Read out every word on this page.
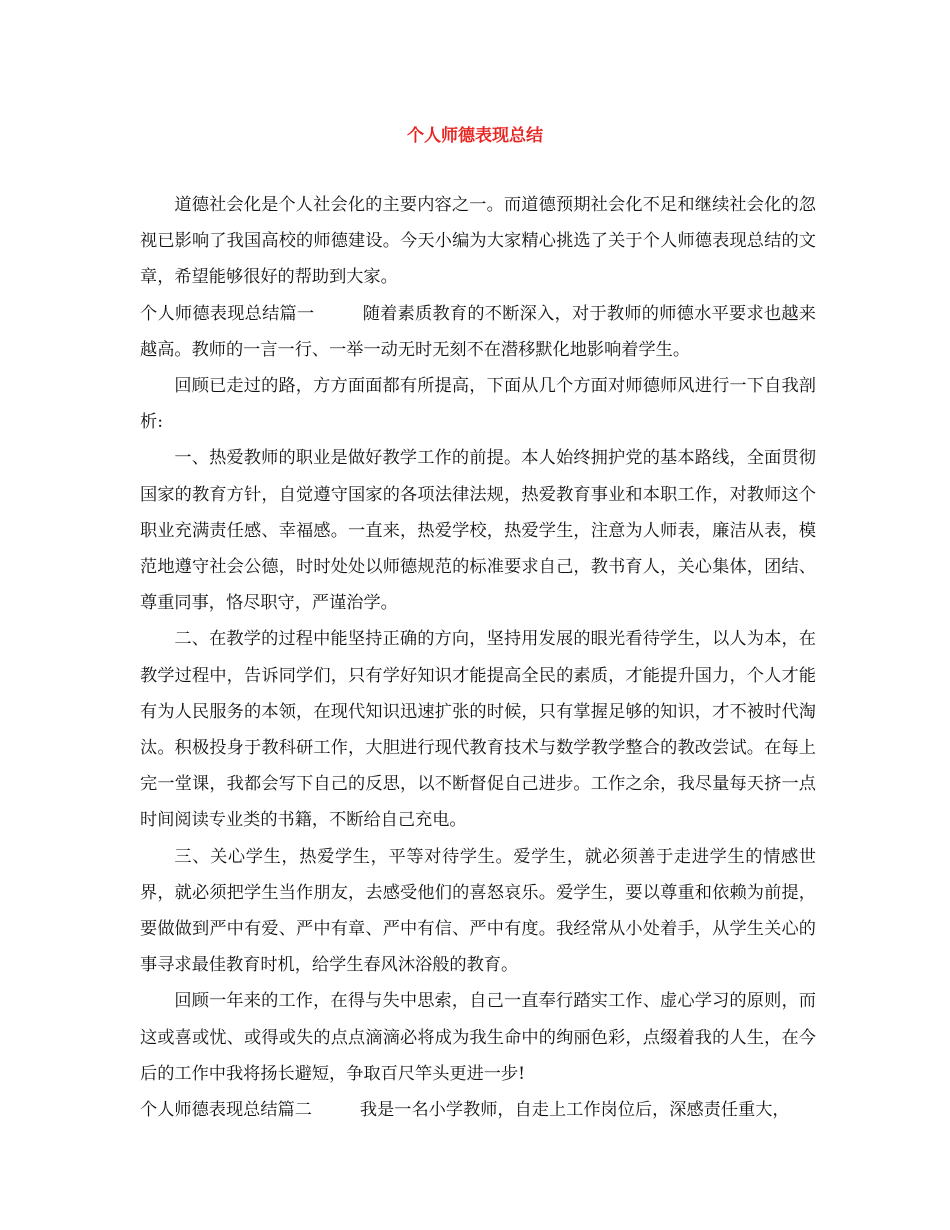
个人师德表现总结

道德社会化是个人社会化的主要内容之一。而道德预期社会化不足和继续社会化的忽视已影响了我国高校的师德建设。今天小编为大家精心挑选了关于个人师德表现总结的文章，希望能够很好的帮助到大家。

个人师德表现总结篇一	随着素质教育的不断深入，对于教师的师德水平要求也越来越高。教师的一言一行、一举一动无时无刻不在潜移默化地影响着学生。

回顾已走过的路，方方面面都有所提高，下面从几个方面对师德师风进行一下自我剖析:

一、热爱教师的职业是做好教学工作的前提。本人始终拥护党的基本路线，全面贯彻国家的教育方针，自觉遵守国家的各项法律法规，热爱教育事业和本职工作，对教师这个职业充满责任感、幸福感。一直来，热爱学校，热爱学生，注意为人师表，廉洁从表，模范地遵守社会公德，时时处处以师德规范的标准要求自己，教书育人，关心集体，团结、尊重同事，恪尽职守，严谨治学。

二、在教学的过程中能坚持正确的方向，坚持用发展的眼光看待学生，以人为本，在教学过程中，告诉同学们，只有学好知识才能提高全民的素质，才能提升国力，个人才能有为人民服务的本领，在现代知识迅速扩张的时候，只有掌握足够的知识，才不被时代淘汰。积极投身于教科研工作，大胆进行现代教育技术与数学教学整合的教改尝试。在每上完一堂课，我都会写下自己的反思，以不断督促自己进步。工作之余，我尽量每天挤一点时间阅读专业类的书籍，不断给自己充电。

三、关心学生，热爱学生，平等对待学生。爱学生，就必须善于走进学生的情感世界，就必须把学生当作朋友，去感受他们的喜怒哀乐。爱学生，要以尊重和依赖为前提，要做做到严中有爱、严中有章、严中有信、严中有度。我经常从小处着手，从学生关心的事寻求最佳教育时机，给学生春风沐浴般的教育。

回顾一年来的工作，在得与失中思索，自己一直奉行踏实工作、虚心学习的原则，而这或喜或忧、或得或失的点点滴滴必将成为我生命中的绚丽色彩，点缀着我的人生，在今后的工作中我将扬长避短，争取百尺竿头更进一步!

个人师德表现总结篇二	我是一名小学教师，自走上工作岗位后，深感责任重大，
